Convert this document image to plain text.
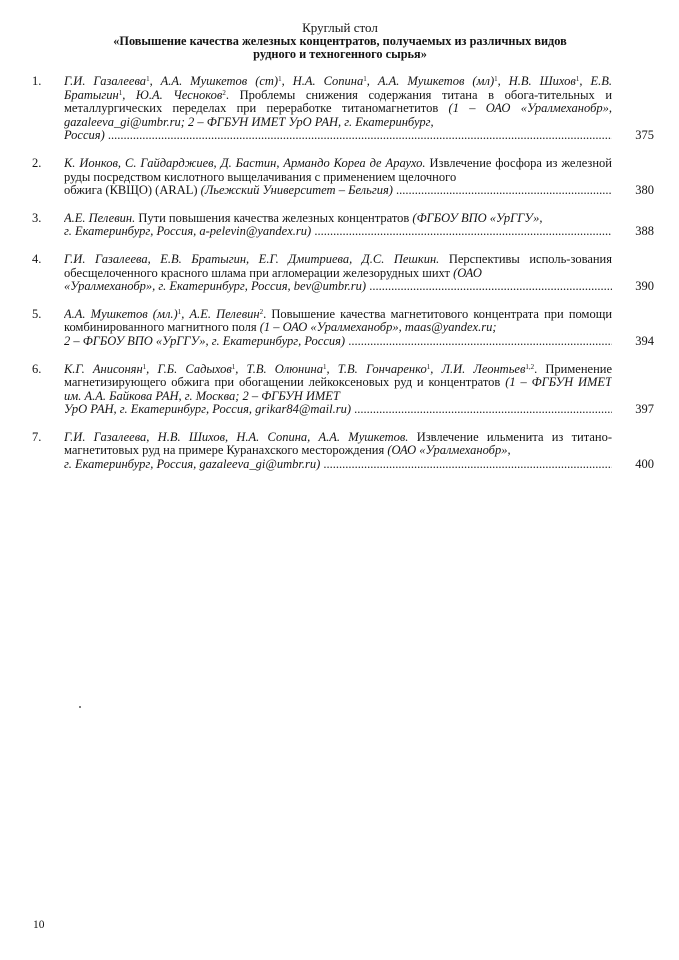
Круглый стол
«Повышение качества железных концентратов, получаемых из различных видов
рудного и техногенного сырья»
1.	Г.И. Газалеева$^1$, А.А. Мушкетов (ст)$^1$, Н.А. Сопина$^1$, А.А. Мушкетов (мл)$^1$, Н.В. Шихов$^1$, Е.В. Братыгин$^1$, Ю.А. Чесноков$^2$. Проблемы снижения содержания титана в обога-тительных и металлургических переделах при переработке титаномагнетитов (1 – ОАО «Уралмеханобр», gazaleeva_gi@umbr.ru; 2 – ФГБУН ИМЕТ УрО РАН, г. Екатеринбург,
Россия) .....	375
2.	К. Ионков, С. Гайдарджиев, Д. Бастин, Армандо Кореа де Араухо. Извлечение фосфора из железной руды посредством кислотного выщелачивания с применением щелочного
обжига (КВЩО) (ARAL) (Льежский Университет – Бельгия) .....	380
3.	А.Е. Пелевин. Пути повышения качества железных концентратов (ФГБОУ ВПО «УрГГУ»,
г. Екатеринбург, Россия, a-pelevin@yandex.ru) .....	388
4.	Г.И. Газалеева, Е.В. Братыгин, Е.Г. Дмитриева, Д.С. Пешкин. Перспективы исполь-зования обесщелоченного красного шлама при агломерации железорудных шихт (ОАО
«Уралмеханобр», г. Екатеринбург, Россия, bev@umbr.ru) .....	390
5.	А.А. Мушкетов $(мл.)^1$, А.Е. Пелевин$^2$. Повышение качества магнетитового концентрата при помощи комбинированного магнитного поля (1 – ОАО «Уралмеханобр», maas@yandex.ru;
2 – ФГБОУ ВПО «УрГГУ», г. Екатеринбург, Россия) .....	394
6.	К.Г. Анисонян$^1$, Г.Б. Садыхов$^1$, Т.В. Олюнина$^1$, Т.В. Гончаренко$^1$, Л.И. Леонтьев$^{1,2}$. Применение магнетизирующего обжига при обогащении лейкоксеновых руд и концентратов (1 – ФГБУН ИМЕТ им. А.А. Байкова РАН, г. Москва; 2 – ФГБУН ИМЕТ
УрО РАН, г. Екатеринбург, Россия, grikar84@mail.ru) .....	397
7.	Г.И. Газалеева, Н.В. Шихов, Н.А. Сопина, А.А. Мушкетов. Извлечение ильменита из титано-магнетитовых руд на примере Куранахского месторождения (ОАО «Уралмеханобр»,
г. Екатеринбург, Россия, gazaleeva_gi@umbr.ru) .....	400
10
